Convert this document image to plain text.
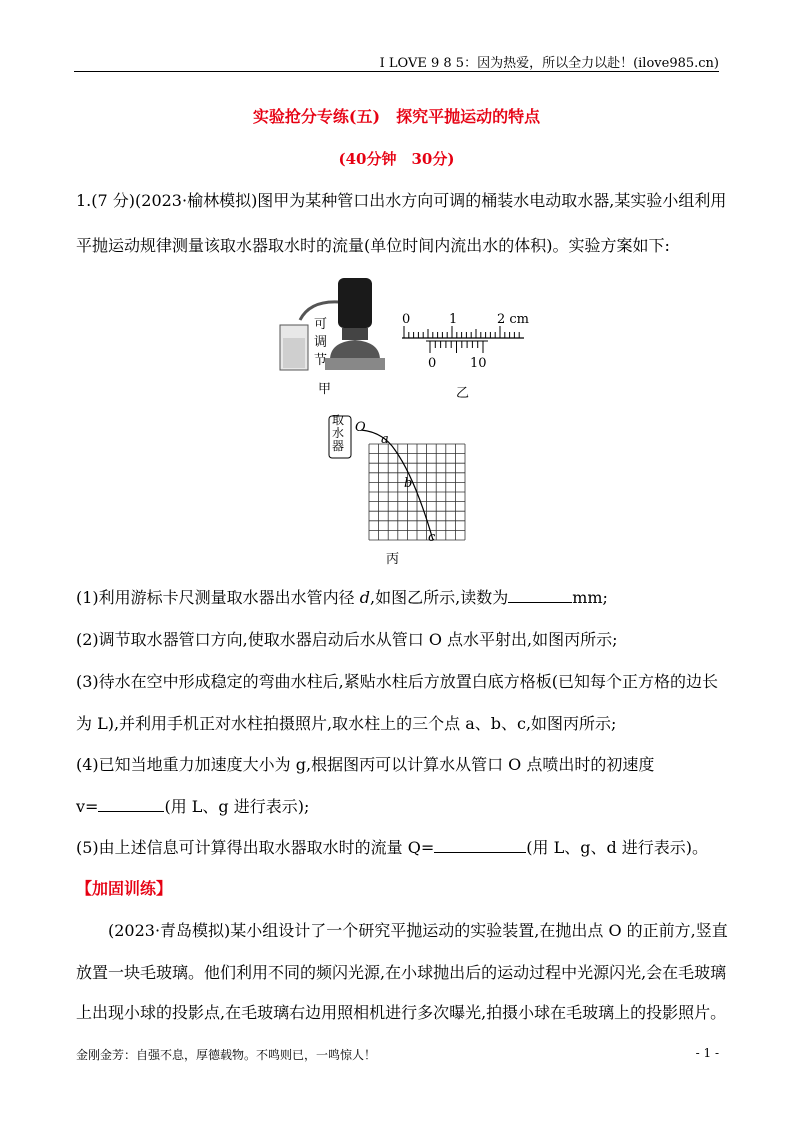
I LOVE 9 8 5：因为热爱，所以全力以赴！(ilove985.cn)
实验抢分专练(五)　探究平抛运动的特点
(40分钟　30分)
1.(7 分)(2023·榆林模拟)图甲为某种管口出水方向可调的桶装水电动取水器,某实验小组利用
平抛运动规律测量该取水器取水时的流量(单位时间内流出水的体积)。实验方案如下:
可
调
节
甲
0	1	2 cm
0	10
乙
取
水
器
O
a
b
c
丙
(1)利用游标卡尺测量取水器出水管内径 d,如图乙所示,读数为	mm;
(2)调节取水器管口方向,使取水器启动后水从管口 O 点水平射出,如图丙所示;
(3)待水在空中形成稳定的弯曲水柱后,紧贴水柱后方放置白底方格板(已知每个正方格的边长
为 L),并利用手机正对水柱拍摄照片,取水柱上的三个点 a、b、c,如图丙所示;
(4)已知当地重力加速度大小为 g,根据图丙可以计算水从管口 O 点喷出时的初速度
v=	(用 L、g 进行表示);
(5)由上述信息可计算得出取水器取水时的流量 Q=	(用 L、g、d 进行表示)。
【加固训练】
(2023·青岛模拟)某小组设计了一个研究平抛运动的实验装置,在抛出点 O 的正前方,竖直
放置一块毛玻璃。他们利用不同的频闪光源,在小球抛出后的运动过程中光源闪光,会在毛玻璃
上出现小球的投影点,在毛玻璃右边用照相机进行多次曝光,拍摄小球在毛玻璃上的投影照片。
金刚金芳：自强不息，厚德载物。不鸣则已，一鸣惊人！	- 1 -
